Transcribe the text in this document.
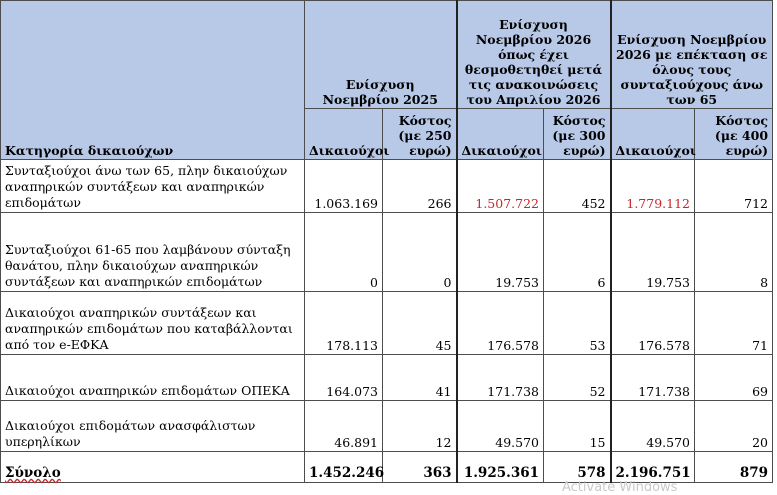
Κατηγορία δικαιούχων	Ενίσχυση Νοεμβρίου 2025		Ενίσχυση Νοεμβρίου 2026 όπως έχει θεσμοθετηθεί μετά τις ανακοινώσεις του Απριλίου 2026		Ενίσχυση Νοεμβρίου 2026 με επέκταση σε όλους τους συνταξιούχους άνω των 65	
	Δικαιούχοι	Κόστος (με 250 ευρώ)	Δικαιούχοι	Κόστος (με 300 ευρώ)	Δικαιούχοι	Κόστος (με 400 ευρώ)
Συνταξιούχοι άνω των 65, πλην δικαιούχων αναπηρικών συντάξεων και αναπηρικών επιδομάτων	1.063.169	266	1.507.722	452	1.779.112	712
Συνταξιούχοι 61-65 που λαμβάνουν σύνταξη θανάτου, πλην δικαιούχων αναπηρικών συντάξεων και αναπηρικών επιδομάτων	0	0	19.753	6	19.753	8
Δικαιούχοι αναπηρικών συντάξεων και αναπηρικών επιδομάτων που καταβάλλονται από τον e-ΕΦΚΑ	178.113	45	176.578	53	176.578	71
Δικαιούχοι αναπηρικών επιδομάτων ΟΠΕΚΑ	164.073	41	171.738	52	171.738	69
Δικαιούχοι επιδομάτων ανασφάλιστων υπερηλίκων	46.891	12	49.570	15	49.570	20
Σύνολο	1.452.246	363	1.925.361	578	2.196.751	879
Activate Windows
